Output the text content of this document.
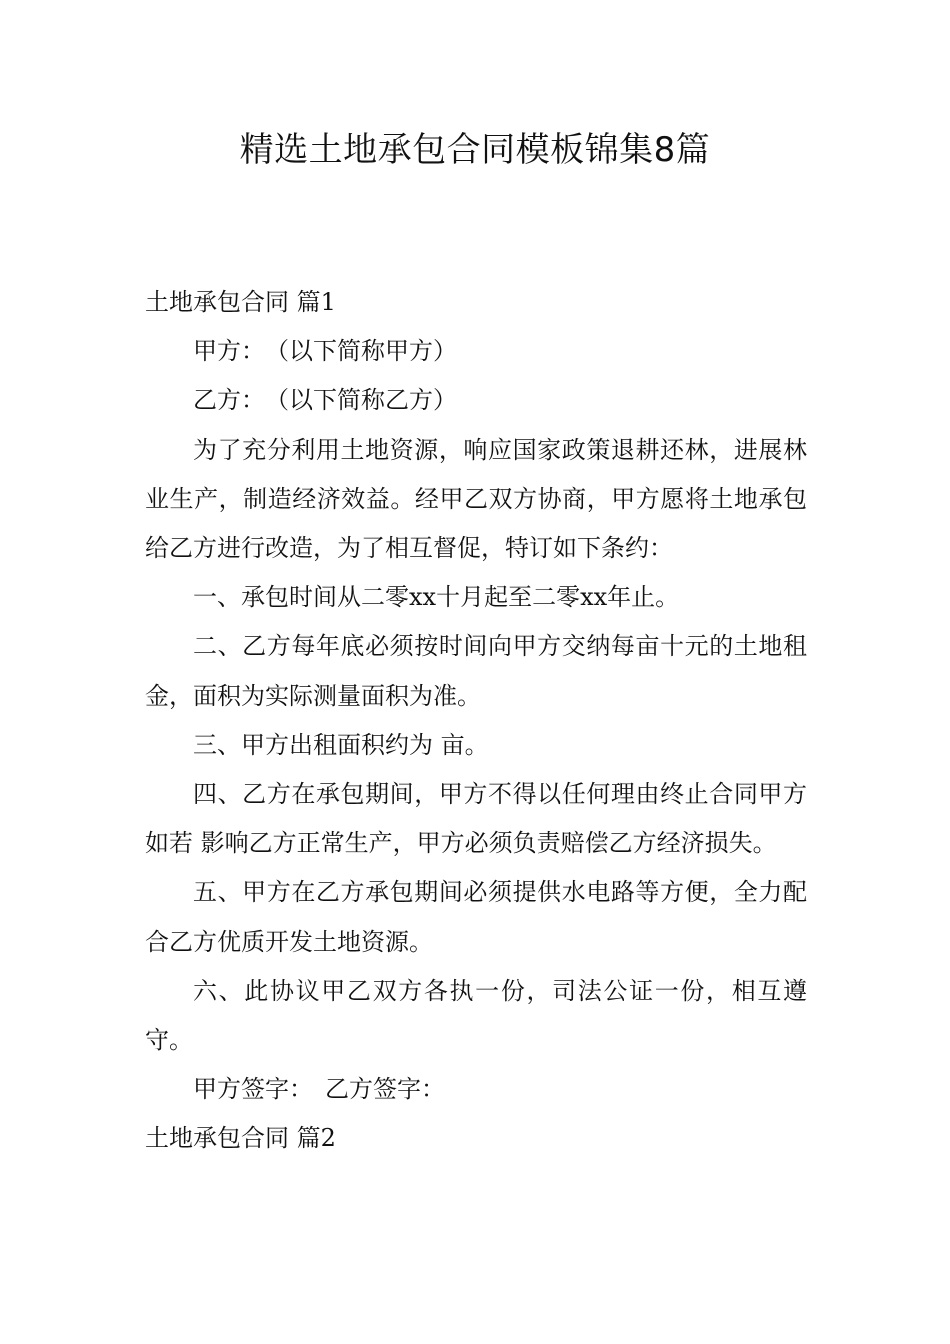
精选土地承包合同模板锦集8篇

土地承包合同 篇1

甲方：　（以下简称甲方）

乙方：　（以下简称乙方）

为了充分利用土地资源，响应国家政策退耕还林，进展林业生产，制造经济效益。经甲乙双方协商，甲方愿将土地承包给乙方进行改造，为了相互督促，特订如下条约：

一、承包时间从二零xx十月起至二零xx年止。

二、乙方每年底必须按时间向甲方交纳每亩十元的土地租金，面积为实际测量面积为准。

三、甲方出租面积约为 亩。

四、乙方在承包期间，甲方不得以任何理由终止合同甲方如若 影响乙方正常生产，甲方必须负责赔偿乙方经济损失。

五、甲方在乙方承包期间必须提供水电路等方便，全力配合乙方优质开发土地资源。

六、此协议甲乙双方各执一份，司法公证一份，相互遵守。

甲方签字：　乙方签字：

土地承包合同 篇2
